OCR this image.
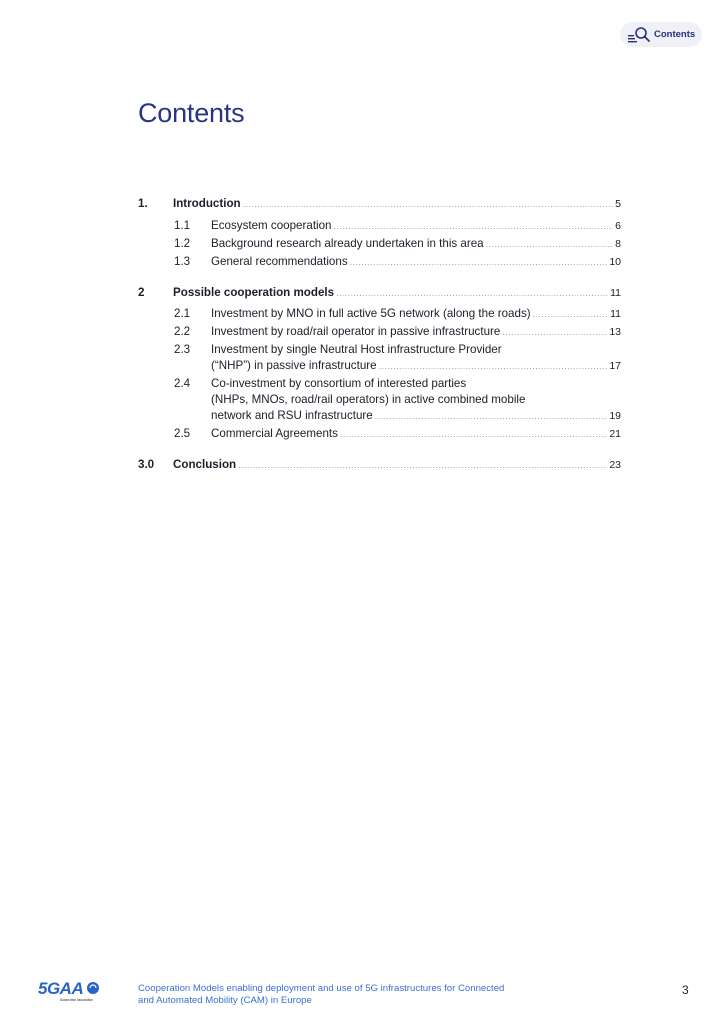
Contents
Contents
1. Introduction .....	5
1.1 Ecosystem cooperation .....	6
1.2 Background research already undertaken in this area .....	8
1.3 General recommendations .....	10
2 Possible cooperation models .....	11
2.1 Investment by MNO in full active 5G network (along the roads) .....	11
2.2 Investment by road/rail operator in passive infrastructure .....	13
2.3 Investment by single Neutral Host infrastructure Provider
(“NHP”) in passive infrastructure .....	17
2.4 Co-investment by consortium of interested parties
(NHPs, MNOs, road/rail operators) in active combined mobile
network and RSU infrastructure .....	19
2.5 Commercial Agreements .....	21
3.0 Conclusion .....	23
5GAA
Automotive Association
Cooperation Models enabling deployment and use of 5G infrastructures for Connected
and Automated Mobility (CAM) in Europe
3
